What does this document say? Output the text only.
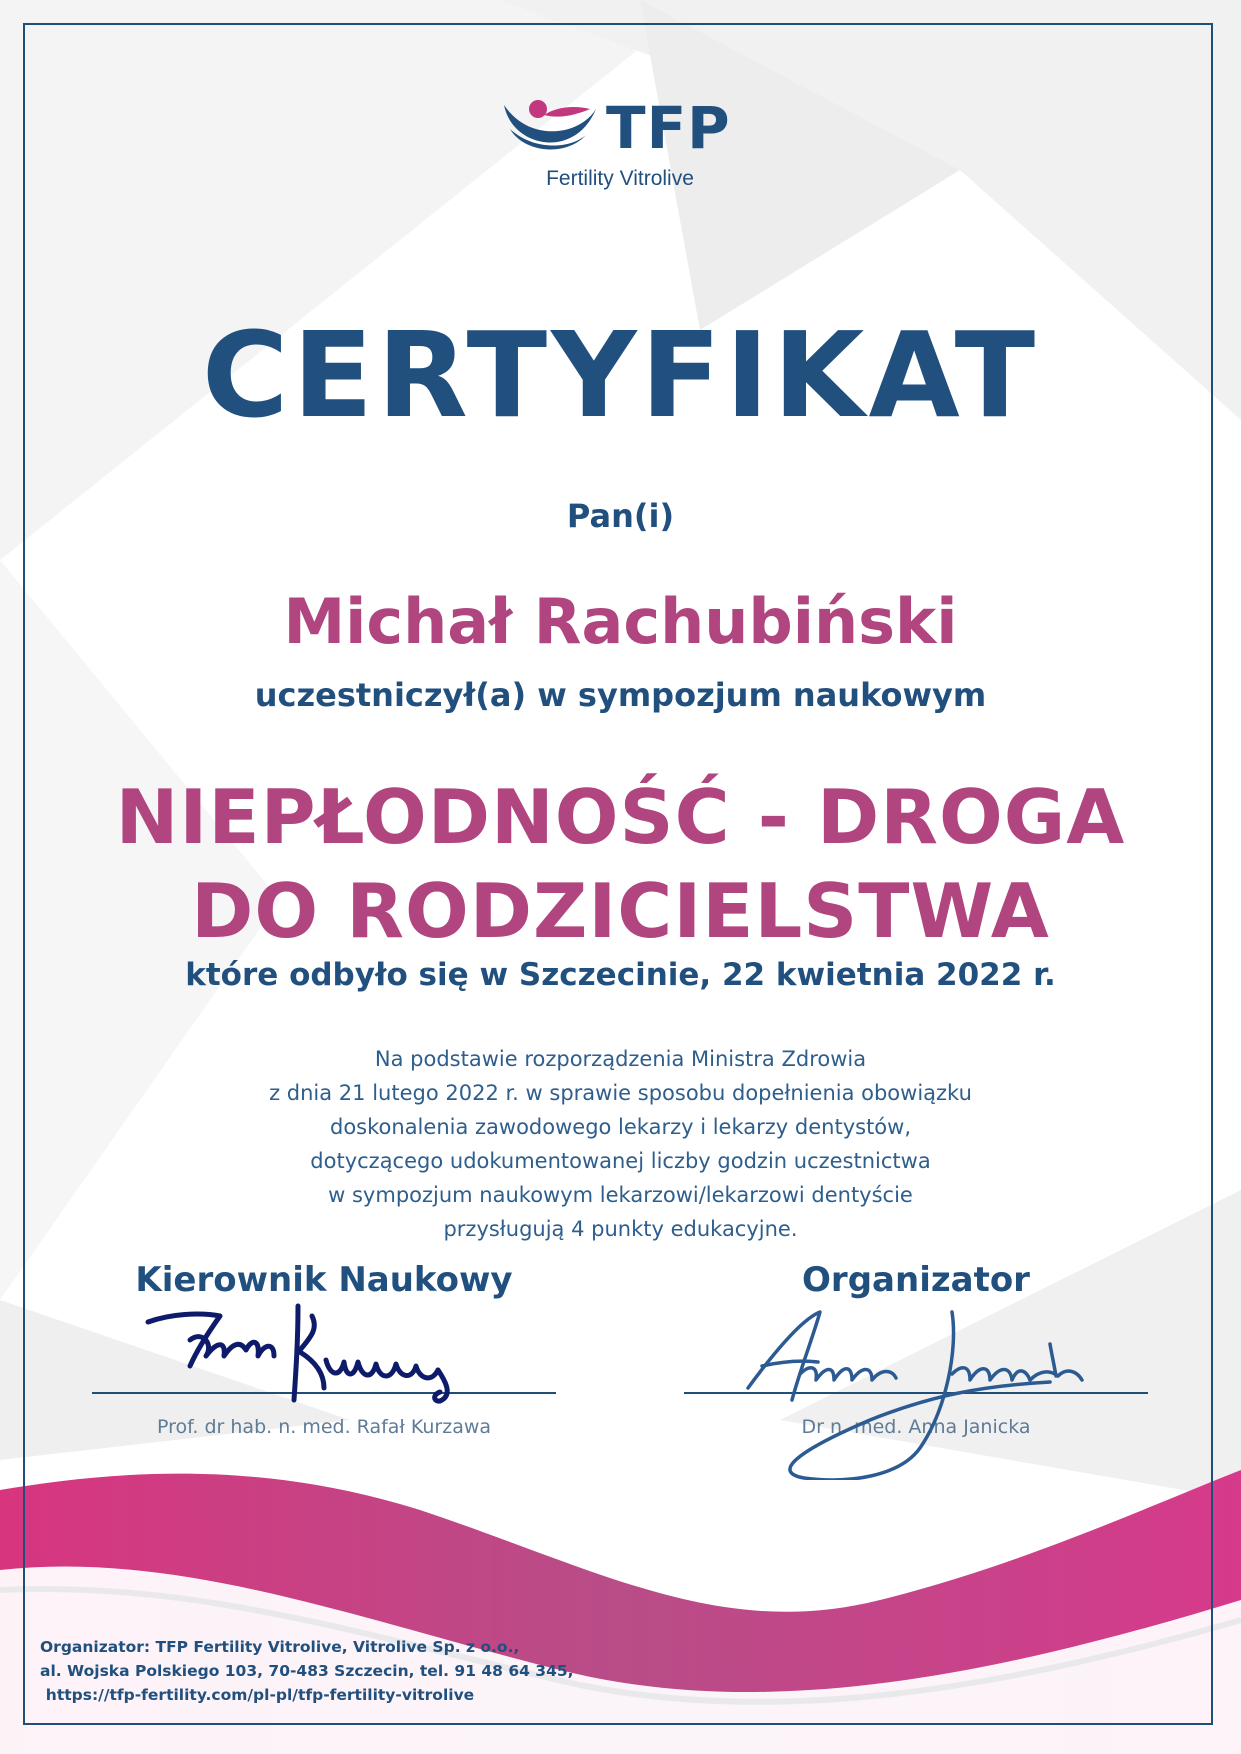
TFP
Fertility Vitrolive
CERTYFIKAT
Pan(i)
Michał Rachubiński
uczestniczył(a) w sympozjum naukowym
NIEPŁODNOŚĆ - DROGA
DO RODZICIELSTWA
które odbyło się w Szczecinie, 22 kwietnia 2022 r.
Na podstawie rozporządzenia Ministra Zdrowia
z dnia 21 lutego 2022 r. w sprawie sposobu dopełnienia obowiązku
doskonalenia zawodowego lekarzy i lekarzy dentystów,
dotyczącego udokumentowanej liczby godzin uczestnictwa
w sympozjum naukowym lekarzowi/lekarzowi dentyście
przysługują 4 punkty edukacyjne.
Kierownik Naukowy
Prof. dr hab. n. med. Rafał Kurzawa
Organizator
Dr n. med. Anna Janicka
Organizator: TFP Fertility Vitrolive, Vitrolive Sp. z o.o.,
al. Wojska Polskiego 103, 70-483 Szczecin, tel. 91 48 64 345,
https://tfp-fertility.com/pl-pl/tfp-fertility-vitrolive
